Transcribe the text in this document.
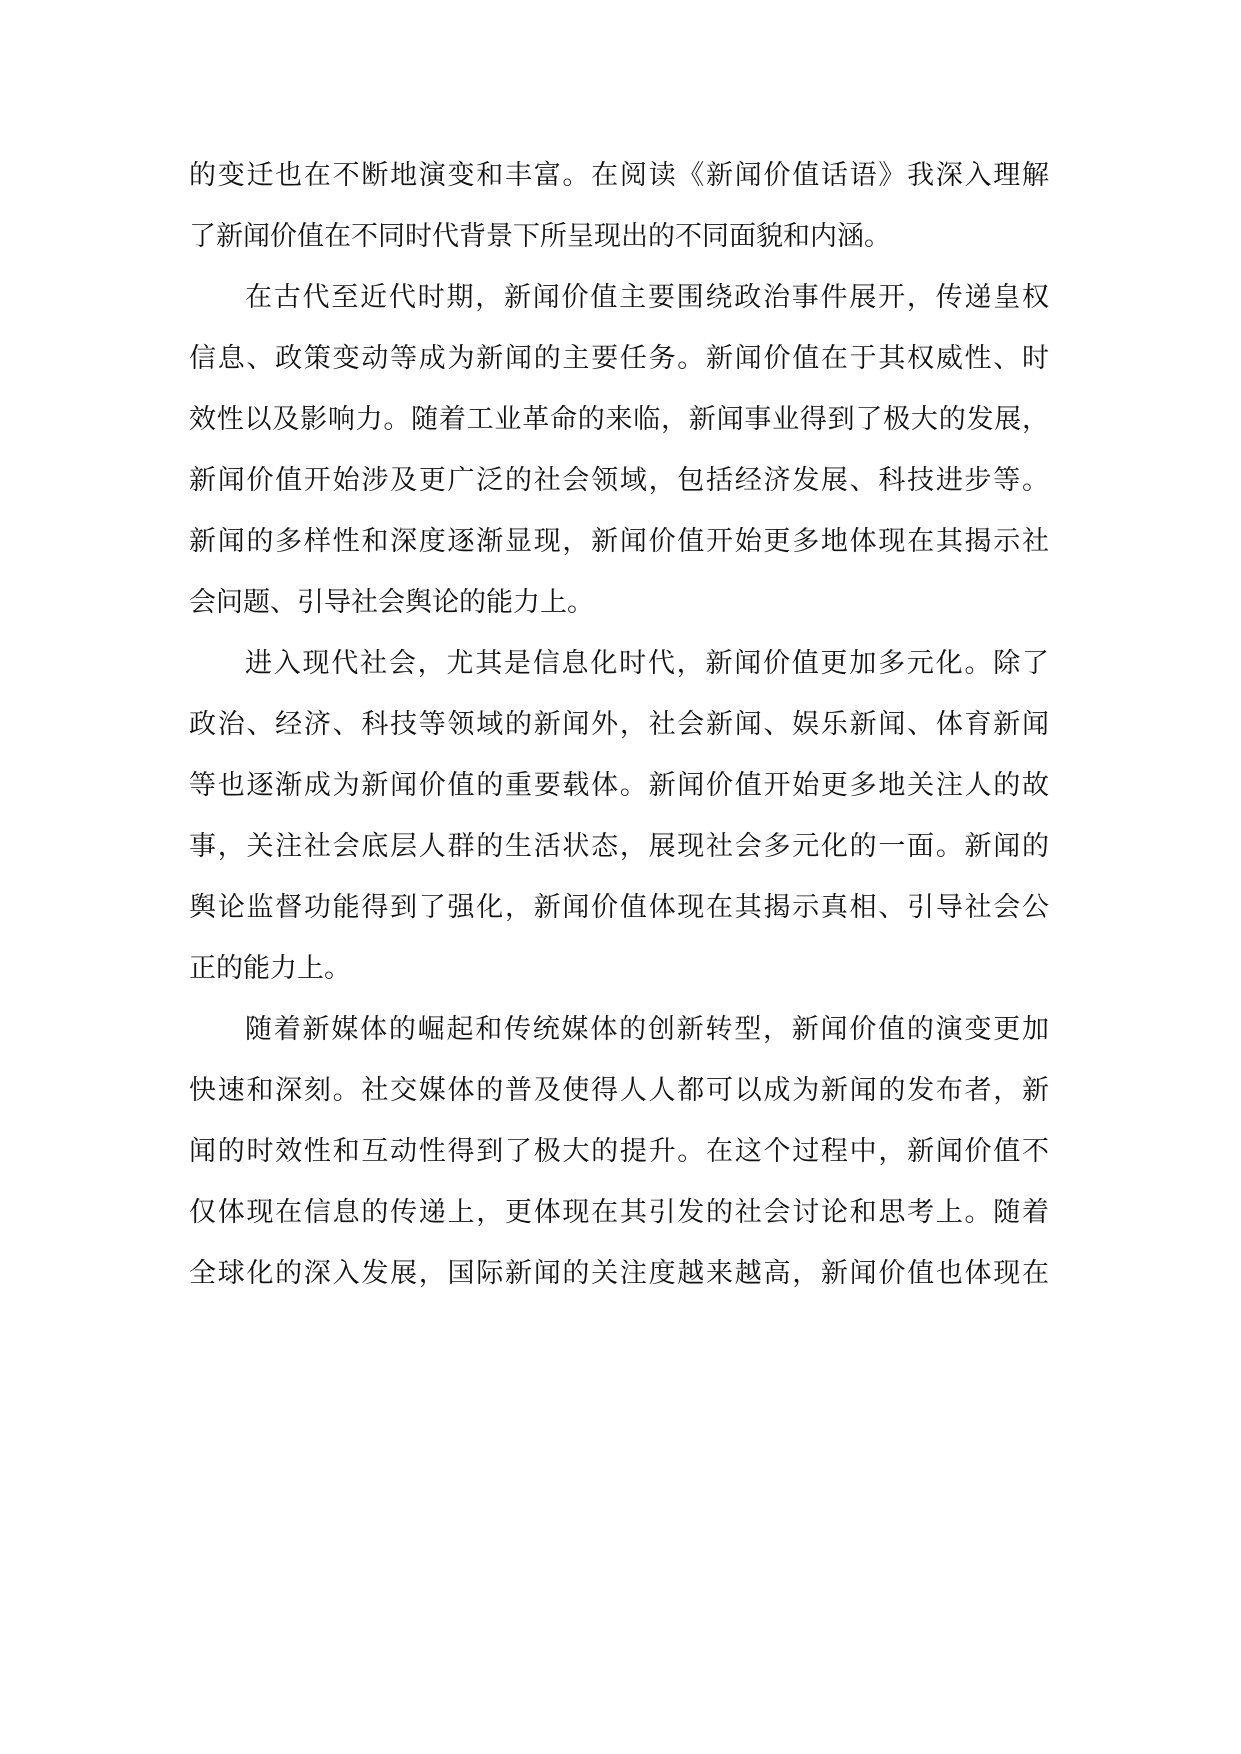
的变迁也在不断地演变和丰富。在阅读《新闻价值话语》我深入理解
了新闻价值在不同时代背景下所呈现出的不同面貌和内涵。
在古代至近代时期，新闻价值主要围绕政治事件展开，传递皇权
信息、政策变动等成为新闻的主要任务。新闻价值在于其权威性、时
效性以及影响力。随着工业革命的来临，新闻事业得到了极大的发展，
新闻价值开始涉及更广泛的社会领域，包括经济发展、科技进步等。
新闻的多样性和深度逐渐显现，新闻价值开始更多地体现在其揭示社
会问题、引导社会舆论的能力上。
进入现代社会，尤其是信息化时代，新闻价值更加多元化。除了
政治、经济、科技等领域的新闻外，社会新闻、娱乐新闻、体育新闻
等也逐渐成为新闻价值的重要载体。新闻价值开始更多地关注人的故
事，关注社会底层人群的生活状态，展现社会多元化的一面。新闻的
舆论监督功能得到了强化，新闻价值体现在其揭示真相、引导社会公
正的能力上。
随着新媒体的崛起和传统媒体的创新转型，新闻价值的演变更加
快速和深刻。社交媒体的普及使得人人都可以成为新闻的发布者，新
闻的时效性和互动性得到了极大的提升。在这个过程中，新闻价值不
仅体现在信息的传递上，更体现在其引发的社会讨论和思考上。随着
全球化的深入发展，国际新闻的关注度越来越高，新闻价值也体现在
